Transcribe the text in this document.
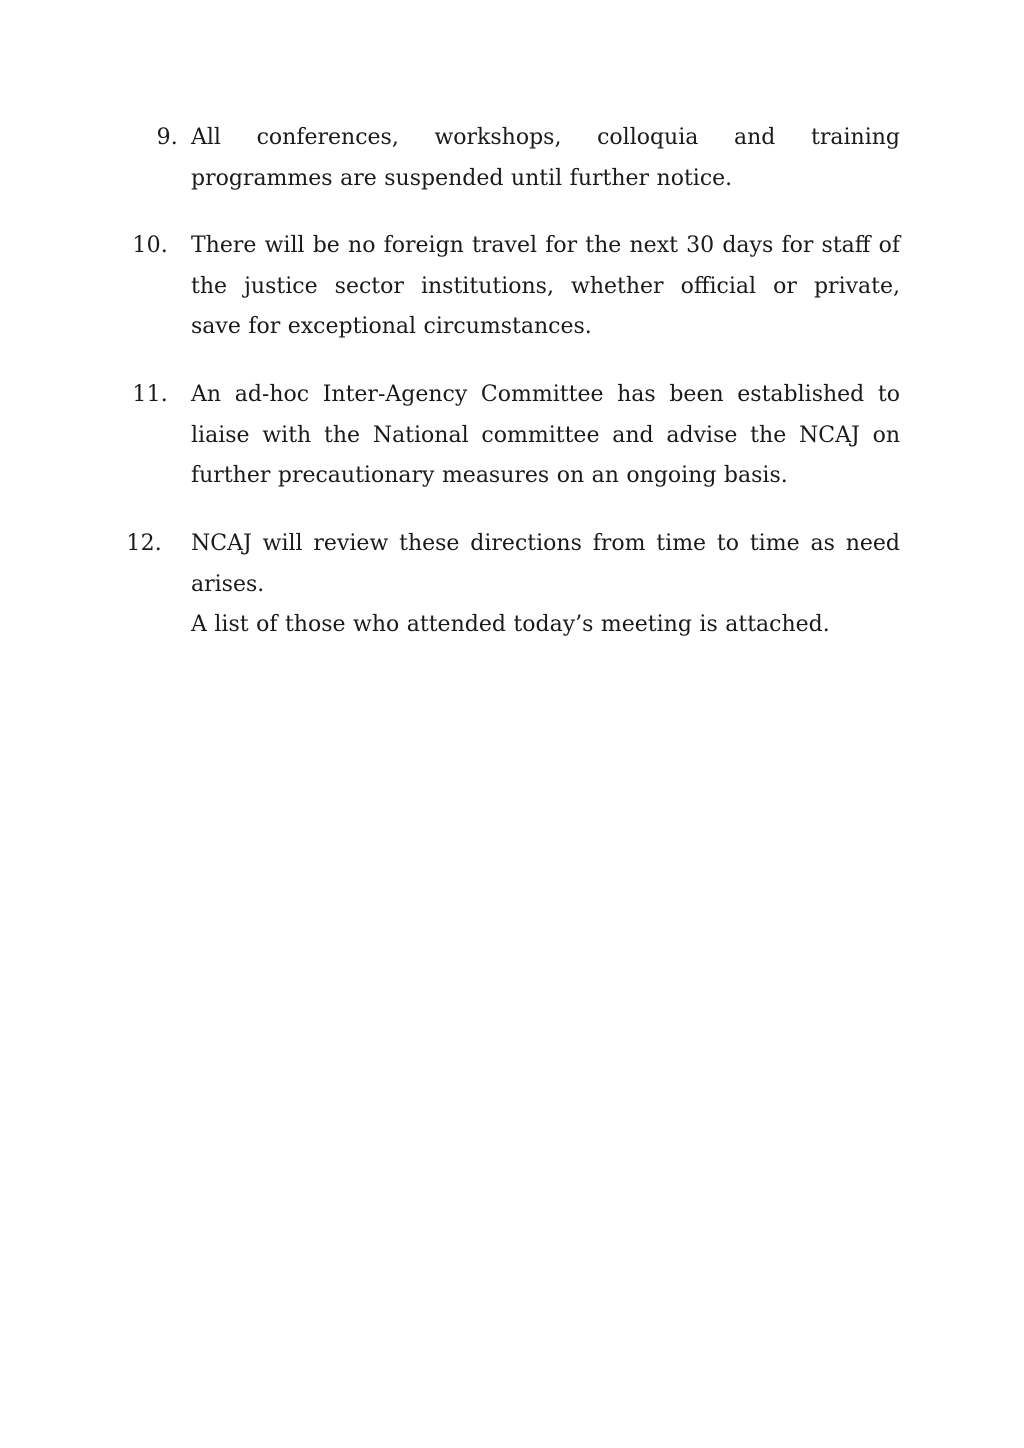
9. All conferences, workshops, colloquia and training
programmes are suspended until further notice.
10. There will be no foreign travel for the next 30 days for staff of
the justice sector institutions, whether official or private,
save for exceptional circumstances.
11. An ad-hoc Inter-Agency Committee has been established to
liaise with the National committee and advise the NCAJ on
further precautionary measures on an ongoing basis.
12. NCAJ will review these directions from time to time as need
arises.
A list of those who attended today’s meeting is attached.
